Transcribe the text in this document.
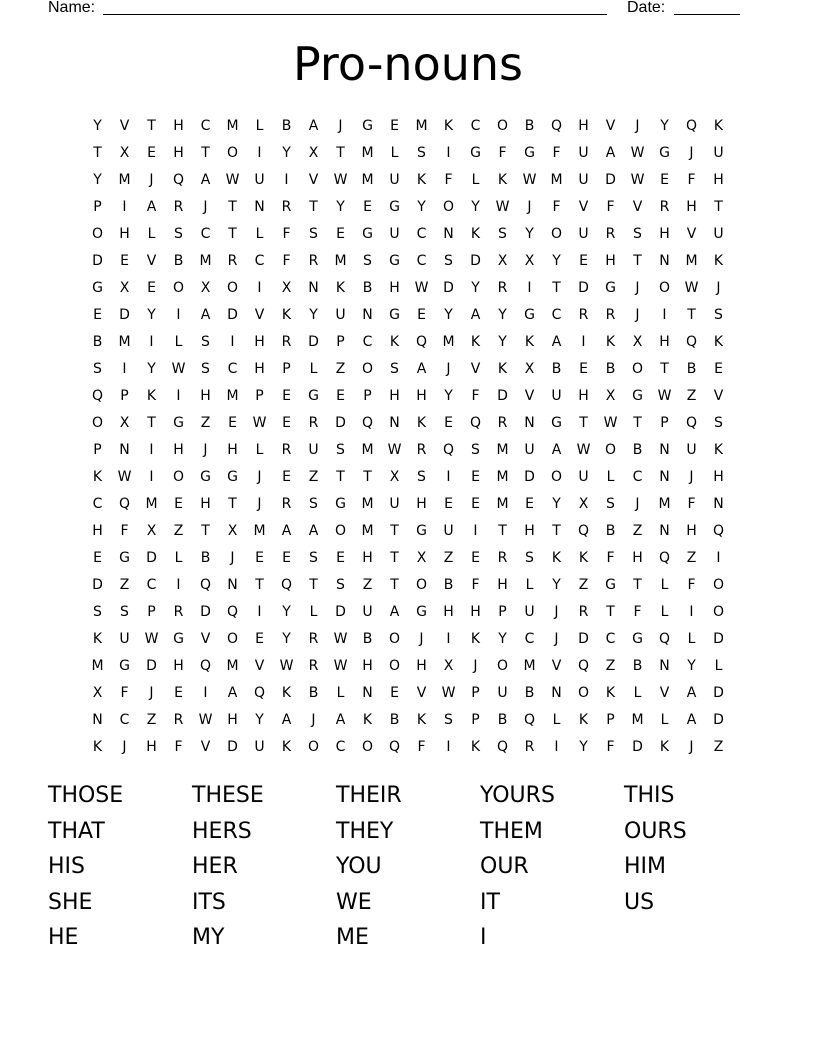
Name:	Date:
Pro-nouns
Y	V	T	H	C	M	L	B	A	J	G	E	M	K	C	O	B	Q	H	V	J	Y	Q	K
T	X	E	H	T	O	I	Y	X	T	M	L	S	I	G	F	G	F	U	A	W	G	J	U
Y	M	J	Q	A	W	U	I	V	W	M	U	K	F	L	K	W	M	U	D	W	E	F	H
P	I	A	R	J	T	N	R	T	Y	E	G	Y	O	Y	W	J	F	V	F	V	R	H	T
O	H	L	S	C	T	L	F	S	E	G	U	C	N	K	S	Y	O	U	R	S	H	V	U
D	E	V	B	M	R	C	F	R	M	S	G	C	S	D	X	X	Y	E	H	T	N	M	K
G	X	E	O	X	O	I	X	N	K	B	H	W	D	Y	R	I	T	D	G	J	O	W	J
E	D	Y	I	A	D	V	K	Y	U	N	G	E	Y	A	Y	G	C	R	R	J	I	T	S
B	M	I	L	S	I	H	R	D	P	C	K	Q	M	K	Y	K	A	I	K	X	H	Q	K
S	I	Y	W	S	C	H	P	L	Z	O	S	A	J	V	K	X	B	E	B	O	T	B	E
Q	P	K	I	H	M	P	E	G	E	P	H	H	Y	F	D	V	U	H	X	G	W	Z	V
O	X	T	G	Z	E	W	E	R	D	Q	N	K	E	Q	R	N	G	T	W	T	P	Q	S
P	N	I	H	J	H	L	R	U	S	M	W	R	Q	S	M	U	A	W	O	B	N	U	K
K	W	I	O	G	G	J	E	Z	T	T	X	S	I	E	M	D	O	U	L	C	N	J	H
C	Q	M	E	H	T	J	R	S	G	M	U	H	E	E	M	E	Y	X	S	J	M	F	N
H	F	X	Z	T	X	M	A	A	O	M	T	G	U	I	T	H	T	Q	B	Z	N	H	Q
E	G	D	L	B	J	E	E	S	E	H	T	X	Z	E	R	S	K	K	F	H	Q	Z	I
D	Z	C	I	Q	N	T	Q	T	S	Z	T	O	B	F	H	L	Y	Z	G	T	L	F	O
S	S	P	R	D	Q	I	Y	L	D	U	A	G	H	H	P	U	J	R	T	F	L	I	O
K	U	W	G	V	O	E	Y	R	W	B	O	J	I	K	Y	C	J	D	C	G	Q	L	D
M	G	D	H	Q	M	V	W	R	W	H	O	H	X	J	O	M	V	Q	Z	B	N	Y	L
X	F	J	E	I	A	Q	K	B	L	N	E	V	W	P	U	B	N	O	K	L	V	A	D
N	C	Z	R	W	H	Y	A	J	A	K	B	K	S	P	B	Q	L	K	P	M	L	A	D
K	J	H	F	V	D	U	K	O	C	O	Q	F	I	K	Q	R	I	Y	F	D	K	J	Z
THOSE	THESE	THEIR	YOURS	THIS
THAT	HERS	THEY	THEM	OURS
HIS	HER	YOU	OUR	HIM
SHE	ITS	WE	IT	US
HE	MY	ME	I
